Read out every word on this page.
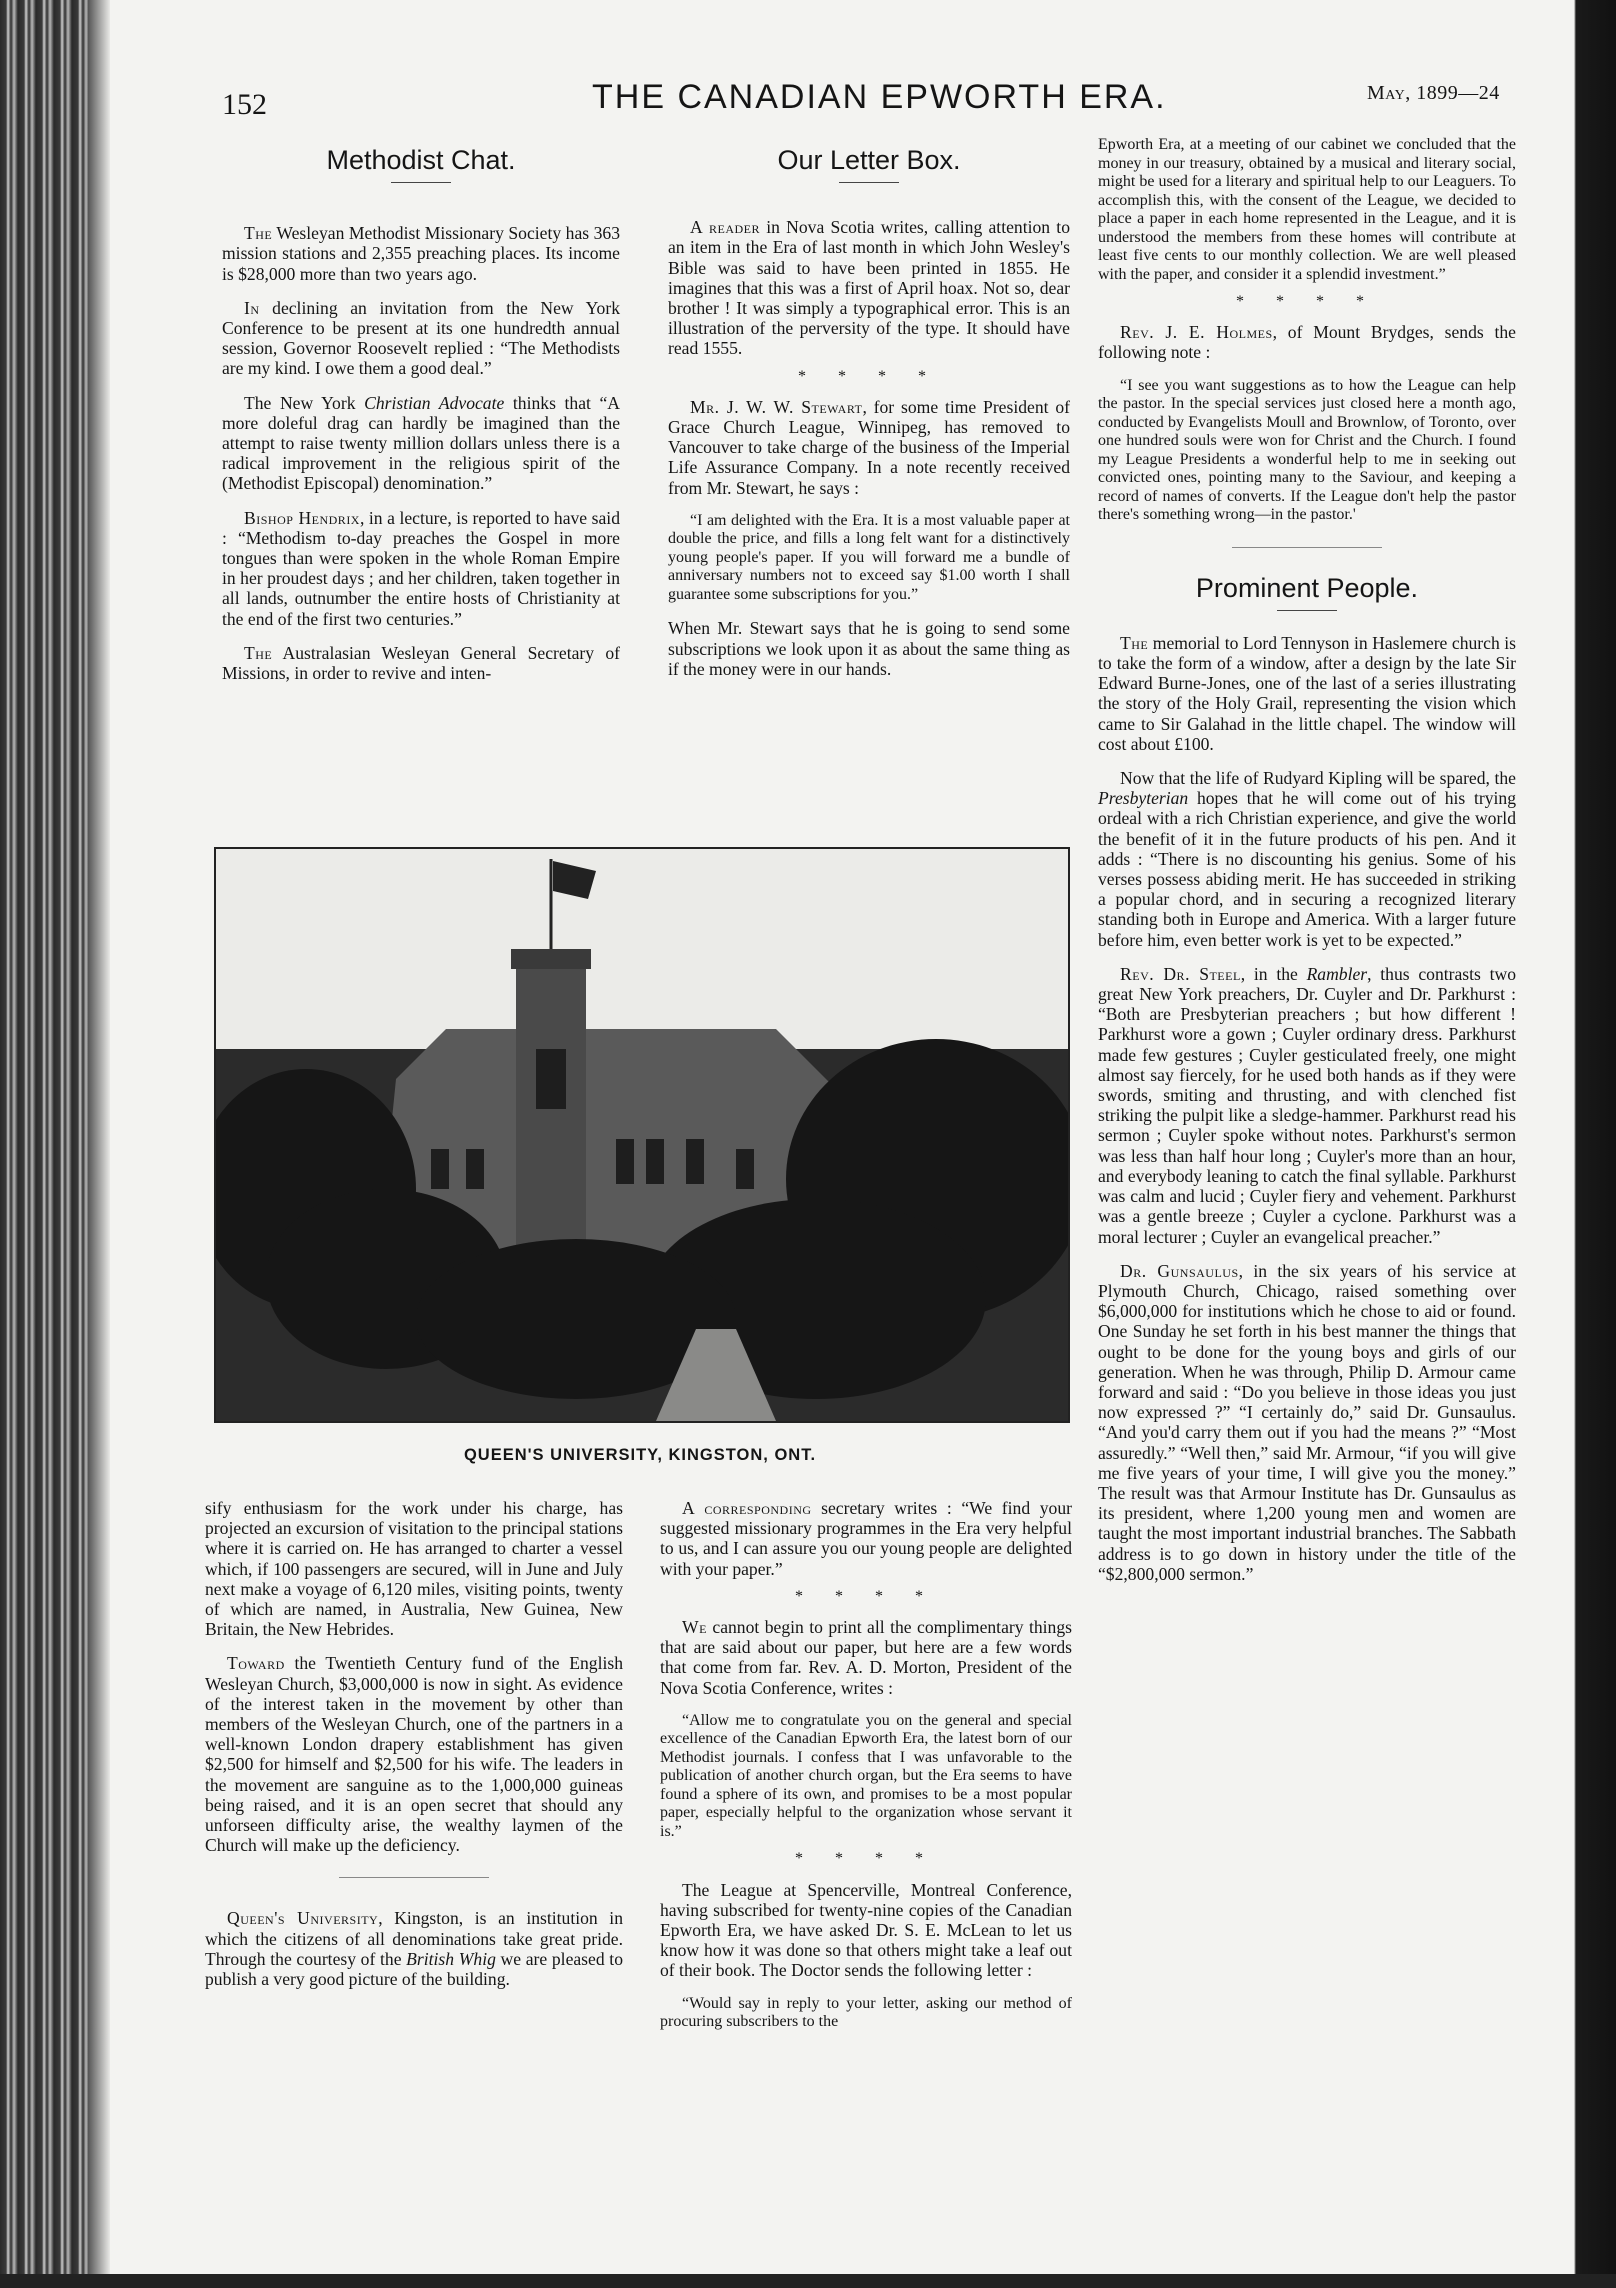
152	THE CANADIAN EPWORTH ERA.	May, 1899—24
Methodist Chat.

The Wesleyan Methodist Missionary Society has 363 mission stations and 2,355 preaching places. Its income is $28,000 more than two years ago.

In declining an invitation from the New York Conference to be present at its one hundredth annual session, Governor Roosevelt replied : “The Methodists are my kind. I owe them a good deal.”

The New York Christian Advocate thinks that “A more doleful drag can hardly be imagined than the attempt to raise twenty million dollars unless there is a radical improvement in the religious spirit of the (Methodist Episcopal) denomination.”

Bishop Hendrix, in a lecture, is reported to have said : “Methodism to-day preaches the Gospel in more tongues than were spoken in the whole Roman Empire in her proudest days ; and her children, taken together in all lands, outnumber the entire hosts of Christianity at the end of the first two centuries.”

The Australasian Wesleyan General Secretary of Missions, in order to revive and inten-

Our Letter Box.

A reader in Nova Scotia writes, calling attention to an item in the Era of last month in which John Wesley's Bible was said to have been printed in 1855. He imagines that this was a first of April hoax. Not so, dear brother ! It was simply a typographical error. This is an illustration of the perversity of the type. It should have read 1555.

* * * *

Mr. J. W. W. Stewart, for some time President of Grace Church League, Winnipeg, has removed to Vancouver to take charge of the business of the Imperial Life Assurance Company. In a note recently received from Mr. Stewart, he says :

“I am delighted with the Era. It is a most valuable paper at double the price, and fills a long felt want for a distinctively young people's paper. If you will forward me a bundle of anniversary numbers not to exceed say $1.00 worth I shall guarantee some subscriptions for you.”

When Mr. Stewart says that he is going to send some subscriptions we look upon it as about the same thing as if the money were in our hands.

QUEEN'S UNIVERSITY, KINGSTON, ONT.

sify enthusiasm for the work under his charge, has projected an excursion of visitation to the principal stations where it is carried on. He has arranged to charter a vessel which, if 100 passengers are secured, will in June and July next make a voyage of 6,120 miles, visiting points, twenty of which are named, in Australia, New Guinea, New Britain, the New Hebrides.

Toward the Twentieth Century fund of the English Wesleyan Church, $3,000,000 is now in sight. As evidence of the interest taken in the movement by other than members of the Wesleyan Church, one of the partners in a well-known London drapery establishment has given $2,500 for himself and $2,500 for his wife. The leaders in the movement are sanguine as to the 1,000,000 guineas being raised, and it is an open secret that should any unforseen difficulty arise, the wealthy laymen of the Church will make up the deficiency.

Queen's University, Kingston, is an institution in which the citizens of all denominations take great pride. Through the courtesy of the British Whig we are pleased to publish a very good picture of the building.

A corresponding secretary writes : “We find your suggested missionary programmes in the Era very helpful to us, and I can assure you our young people are delighted with your paper.”

* * * *

We cannot begin to print all the complimentary things that are said about our paper, but here are a few words that come from far. Rev. A. D. Morton, President of the Nova Scotia Conference, writes :

“Allow me to congratulate you on the general and special excellence of the Canadian Epworth Era, the latest born of our Methodist journals. I confess that I was unfavorable to the publication of another church organ, but the Era seems to have found a sphere of its own, and promises to be a most popular paper, especially helpful to the organization whose servant it is.”

* * * *

The League at Spencerville, Montreal Conference, having subscribed for twenty-nine copies of the Canadian Epworth Era, we have asked Dr. S. E. McLean to let us know how it was done so that others might take a leaf out of their book. The Doctor sends the following letter :

“Would say in reply to your letter, asking our method of procuring subscribers to the

Epworth Era, at a meeting of our cabinet we concluded that the money in our treasury, obtained by a musical and literary social, might be used for a literary and spiritual help to our Leaguers. To accomplish this, with the consent of the League, we decided to place a paper in each home represented in the League, and it is understood the members from these homes will contribute at least five cents to our monthly collection. We are well pleased with the paper, and consider it a splendid investment.”

* * * *

Rev. J. E. Holmes, of Mount Brydges, sends the following note :

“I see you want suggestions as to how the League can help the pastor. In the special services just closed here a month ago, conducted by Evangelists Moull and Brownlow, of Toronto, over one hundred souls were won for Christ and the Church. I found my League Presidents a wonderful help to me in seeking out convicted ones, pointing many to the Saviour, and keeping a record of names of converts. If the League don't help the pastor there's something wrong—in the pastor.'

Prominent People.

The memorial to Lord Tennyson in Haslemere church is to take the form of a window, after a design by the late Sir Edward Burne-Jones, one of the last of a series illustrating the story of the Holy Grail, representing the vision which came to Sir Galahad in the little chapel. The window will cost about £100.

Now that the life of Rudyard Kipling will be spared, the Presbyterian hopes that he will come out of his trying ordeal with a rich Christian experience, and give the world the benefit of it in the future products of his pen. And it adds : “There is no discounting his genius. Some of his verses possess abiding merit. He has succeeded in striking a popular chord, and in securing a recognized literary standing both in Europe and America. With a larger future before him, even better work is yet to be expected.”

Rev. Dr. Steel, in the Rambler, thus contrasts two great New York preachers, Dr. Cuyler and Dr. Parkhurst : “Both are Presbyterian preachers ; but how different ! Parkhurst wore a gown ; Cuyler ordinary dress. Parkhurst made few gestures ; Cuyler gesticulated freely, one might almost say fiercely, for he used both hands as if they were swords, smiting and thrusting, and with clenched fist striking the pulpit like a sledge-hammer. Parkhurst read his sermon ; Cuyler spoke without notes. Parkhurst's sermon was less than half hour long ; Cuyler's more than an hour, and everybody leaning to catch the final syllable. Parkhurst was calm and lucid ; Cuyler fiery and vehement. Parkhurst was a gentle breeze ; Cuyler a cyclone. Parkhurst was a moral lecturer ; Cuyler an evangelical preacher.”

Dr. Gunsaulus, in the six years of his service at Plymouth Church, Chicago, raised something over $6,000,000 for institutions which he chose to aid or found. One Sunday he set forth in his best manner the things that ought to be done for the young boys and girls of our generation. When he was through, Philip D. Armour came forward and said : “Do you believe in those ideas you just now expressed ?” “I certainly do,” said Dr. Gunsaulus. “And you'd carry them out if you had the means ?” “Most assuredly.” “Well then,” said Mr. Armour, “if you will give me five years of your time, I will give you the money.” The result was that Armour Institute has Dr. Gunsaulus as its president, where 1,200 young men and women are taught the most important industrial branches. The Sabbath address is to go down in history under the title of the “$2,800,000 sermon.”
